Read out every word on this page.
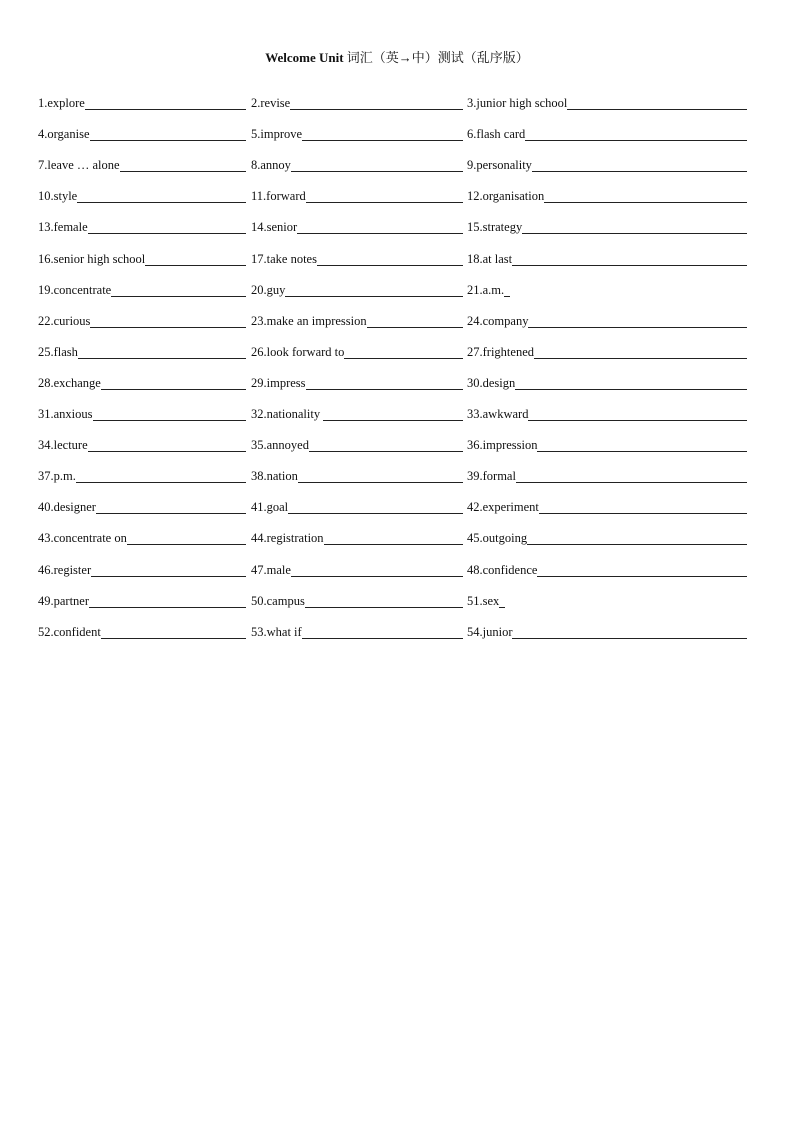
Welcome Unit 词汇（英→中）测试（乱序版）
1. explore	2. revise	3. junior high school
4. organise	5. improve	6. flash card
7. leave … alone	8. annoy	9. personality
10. style	11. forward	12. organisation
13. female	14. senior	15. strategy
16. senior high school	17. take notes	18. at last
19. concentrate	20. guy	21. a.m.
22. curious	23. make an impression	24. company
25. flash	26. look forward to	27. frightened
28. exchange	29. impress	30. design
31. anxious	32. nationality	33. awkward
34. lecture	35. annoyed	36. impression
37. p.m.	38. nation	39. formal
40. designer	41. goal	42. experiment
43. concentrate on	44. registration	45. outgoing
46. register	47. male	48. confidence
49. partner	50. campus	51. sex
52. confident	53. what if	54. junior
